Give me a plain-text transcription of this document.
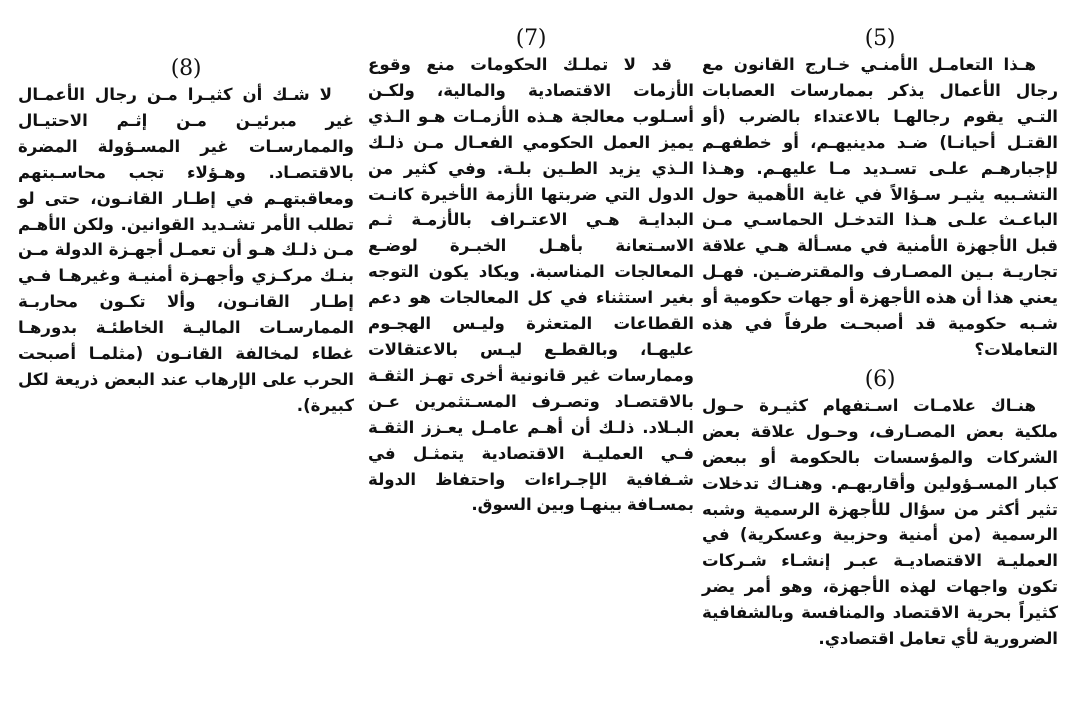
(5)

هـذا التعامـل الأمنـي خـارج القانون مع رجال الأعمال يذكر بممارسات العصابات التـي يقوم رجالهـا بالاعتداء بالضرب (أو القتـل أحيانـا) ضـد مدينيهـم، أو خطفهـم لإجبارهـم علـى تسـديد مـا عليهـم. وهـذا التشـبيه يثيـر سـؤالاً في غاية الأهمية حول الباعـث علـى هـذا التدخـل الحماسـي مـن قبل الأجهزة الأمنية في مسـألة هـي علاقة تجاريـة بـين المصـارف والمقترضـين. فهـل يعني هذا أن هذه الأجهزة أو جهات حكومية أو شـبه حكومية قد أصبحـت طرفاً في هذه التعاملات؟

(6)

هنـاك علامـات اسـتفهام كثيـرة حـول ملكية بعض المصـارف، وحـول علاقة بعض الشركات والمؤسسات بالحكومة أو ببعض كبار المسـؤولين وأقاربهـم. وهنـاك تدخلات تثير أكثر من سؤال للأجهزة الرسمية وشبه الرسمية (من أمنية وحزبية وعسكرية) في العمليـة الاقتصاديـة عبـر إنشـاء شـركات تكون واجهات لهذه الأجهزة، وهو أمر يضر كثيراً بحرية الاقتصاد والمنافسة وبالشفافية الضرورية لأي تعامل اقتصادي.

(7)

قد لا تملـك الحكومات منع وقوع الأزمات الاقتصادية والمالية، ولكـن أسـلوب معالجة هـذه الأزمـات هـو الـذي يميز العمل الحكومي الفعـال مـن ذلـك الـذي يزيد الطـين بلـة. وفي كثير من الدول التي ضربتها الأزمة الأخيرة كانـت البدايـة هـي الاعتـراف بالأزمـة ثـم الاسـتعانة بأهـل الخبـرة لوضـع المعالجات المناسبة. ويكاد يكون التوجه بغير استثناء في كل المعالجات هو دعم القطاعات المتعثرة وليـس الهجـوم عليهـا، وبالقطـع ليـس بالاعتقالات وممارسات غير قانونية أخرى تهـز الثقـة بالاقتصـاد وتصـرف المسـتثمرين عـن البـلاد. ذلـك أن أهـم عامـل يعـزز الثقـة فـي العمليـة الاقتصادية يتمثـل في شـفافية الإجـراءات واحتفاظ الدولة بمسـافة بينهـا وبين السوق.

(8)

لا شـك أن كثيـرا مـن رجال الأعمـال غير مبرئيـن مـن إثـم الاحتيـال والممارسـات غير المسـؤولة المضرة بالاقتصـاد. وهـؤلاء تجب محاسـبتهم ومعاقبتهـم في إطـار القانـون، حتى لو تطلب الأمر تشـديد القوانين. ولكن الأهـم مـن ذلـك هـو أن تعمـل أجهـزة الدولة مـن بنـك مركـزي وأجهـزة أمنيـة وغيرهـا فـي إطـار القانـون، وألا تكـون محاربـة الممارسـات الماليـة الخاطئـة بدورهـا غطاء لمخالفة القانـون (مثلمـا أصبحت الحرب على الإرهاب عند البعض ذريعة لكل كبيرة).
